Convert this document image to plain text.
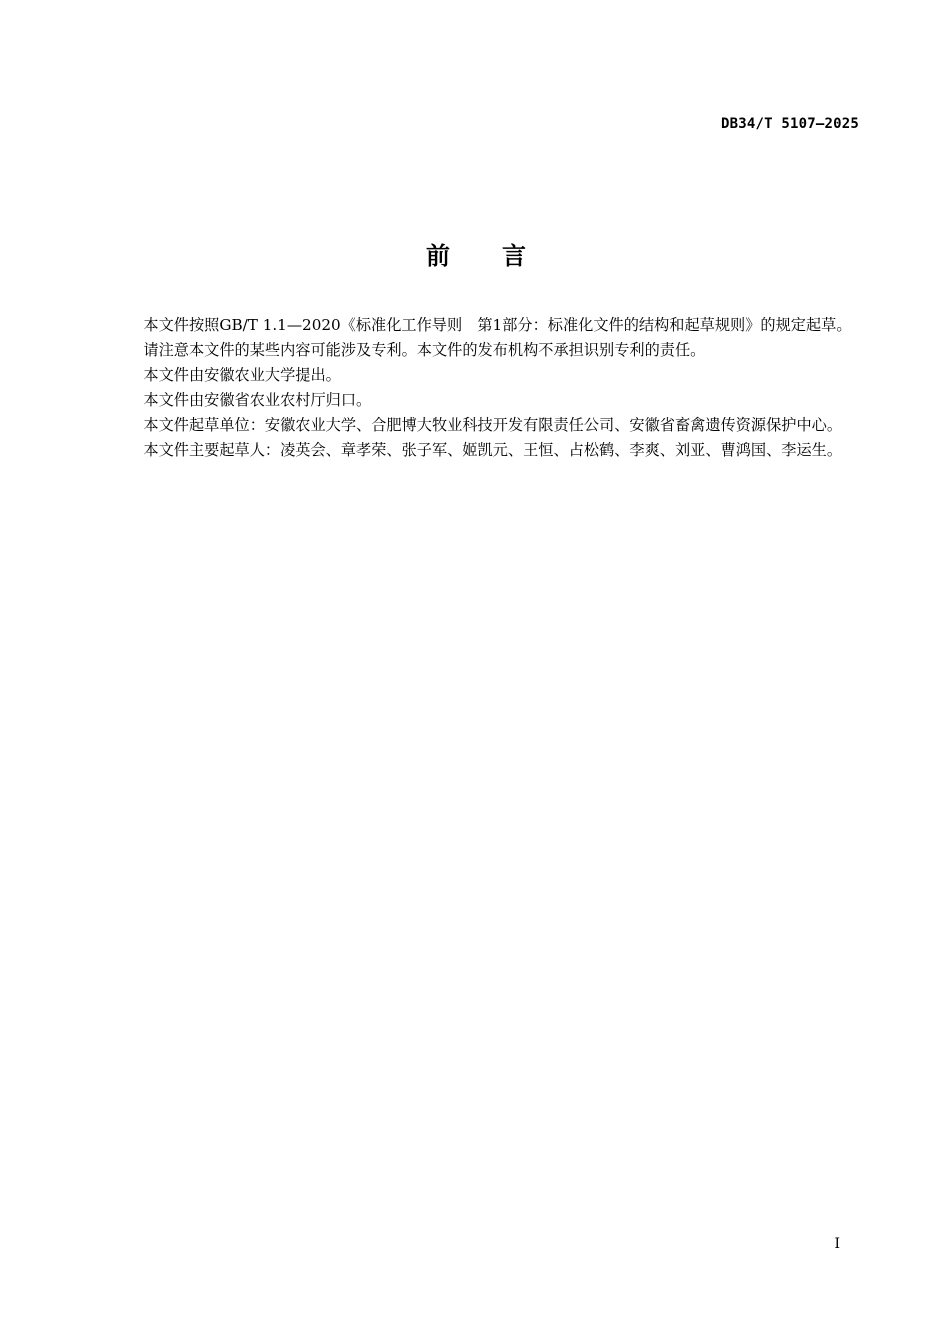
DB34/T 5107—2025
前言

本文件按照GB/T 1.1—2020《标准化工作导则　第1部分：标准化文件的结构和起草规则》的规定起草。

请注意本文件的某些内容可能涉及专利。本文件的发布机构不承担识别专利的责任。

本文件由安徽农业大学提出。

本文件由安徽省农业农村厅归口。

本文件起草单位：安徽农业大学、合肥博大牧业科技开发有限责任公司、安徽省畜禽遗传资源保护中心。

本文件主要起草人：凌英会、章孝荣、张子军、姬凯元、王恒、占松鹤、李爽、刘亚、曹鸿国、李运生。

I
